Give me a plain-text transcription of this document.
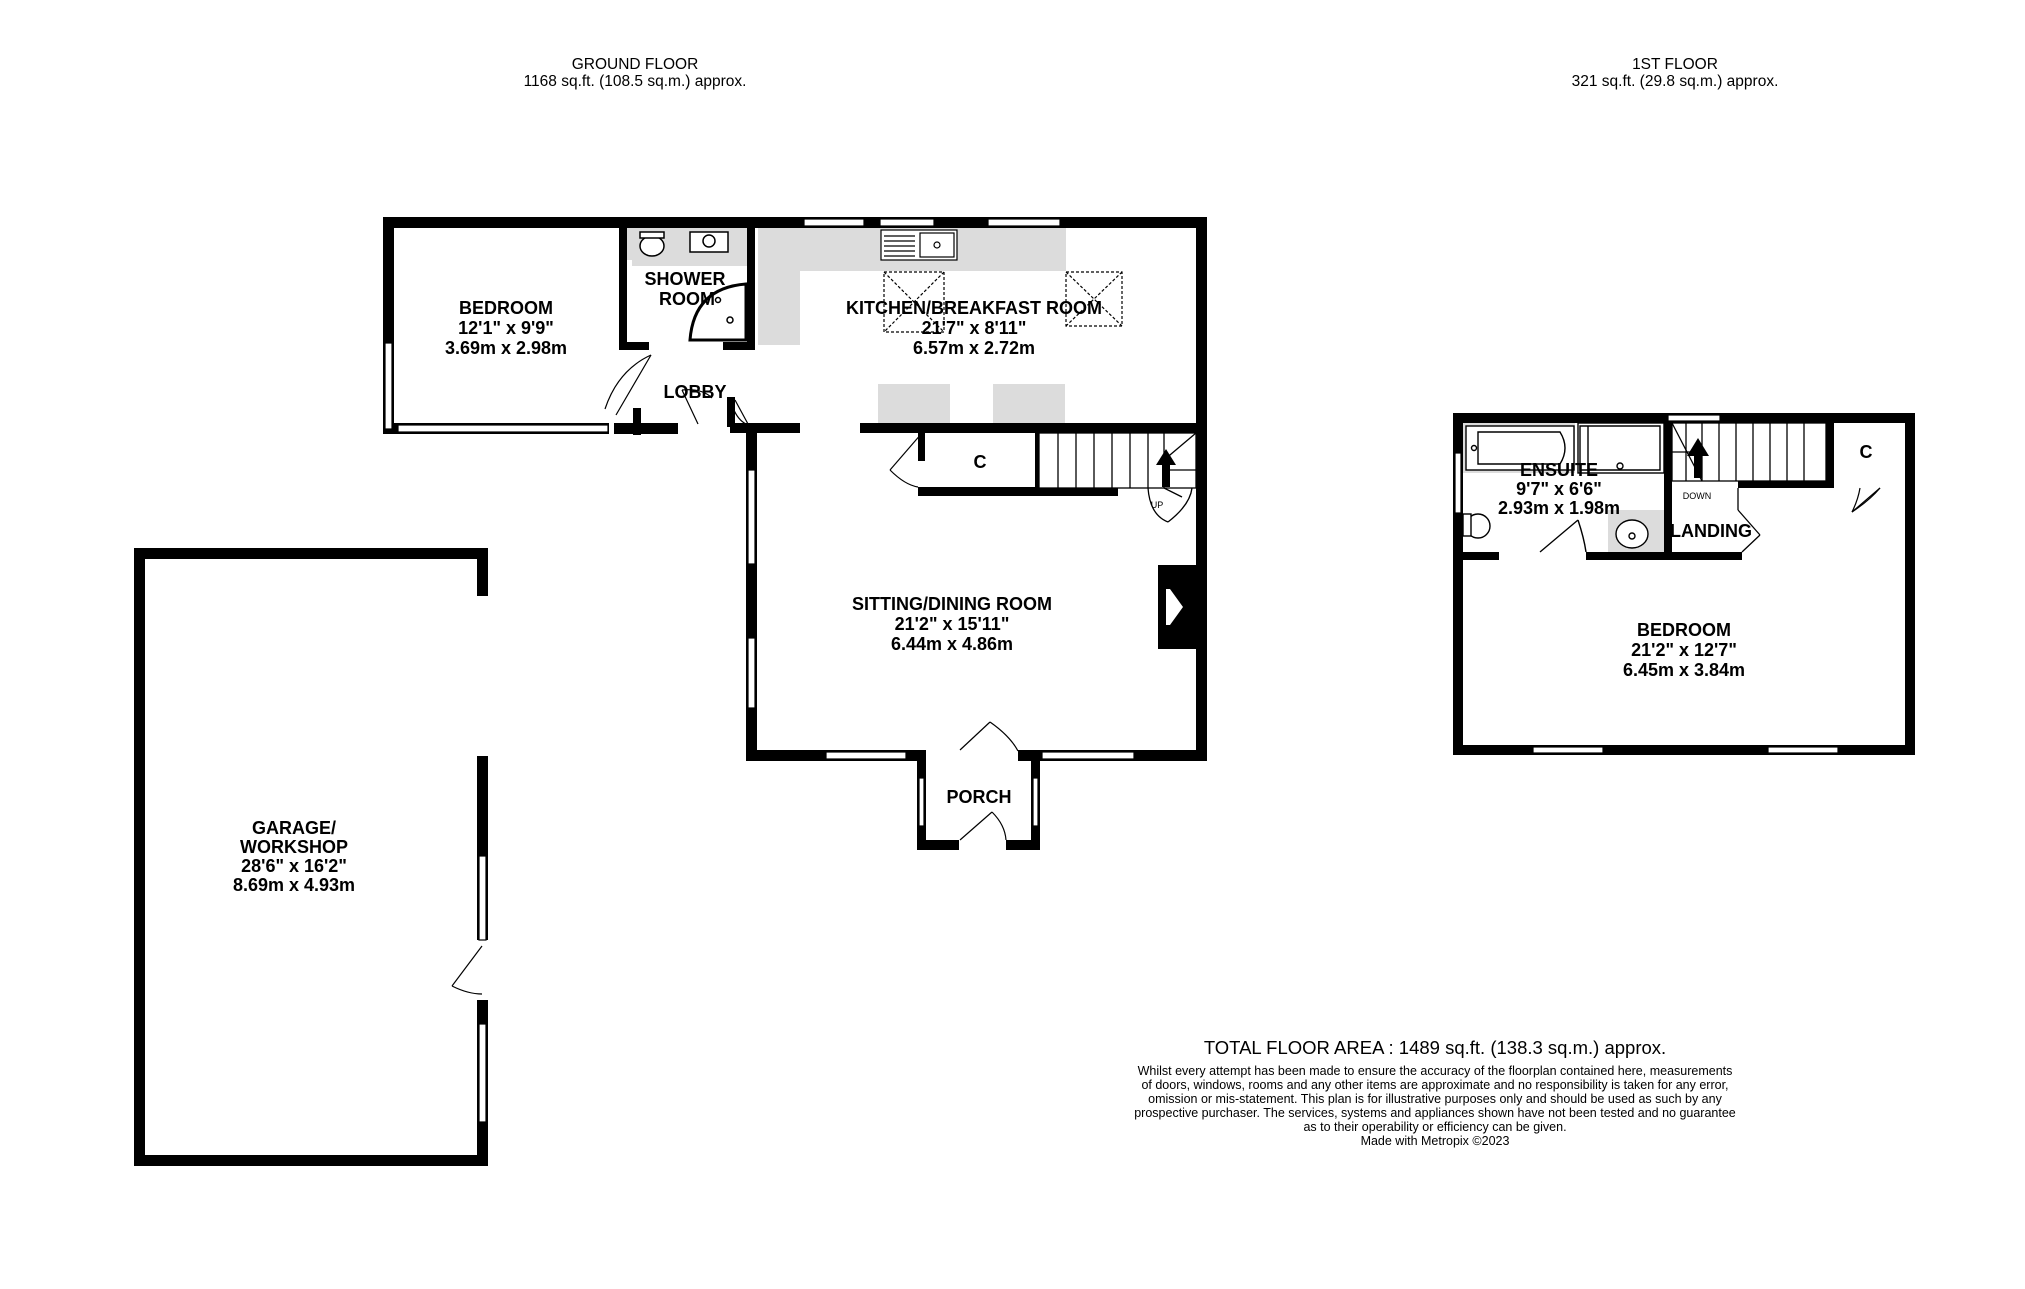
GROUND FLOOR
1168 sq.ft. (108.5 sq.m.) approx.
1ST FLOOR
321 sq.ft. (29.8 sq.m.) approx.
BEDROOM
12'1" x 9'9"
3.69m x 2.98m
SHOWER
ROOM	KITCHEN/BREAKFAST ROOM
21'7" x 8'11"
6.57m x 2.72m
LOBBY
C
UP
SITTING/DINING ROOM
21'2" x 15'11"
6.44m x 4.86m
PORCH
GARAGE/
WORKSHOP
28'6" x 16'2"
8.69m x 4.93m
ENSUITE
9'7" x 6'6"
2.93m x 1.98m
LANDING
C
DOWN
BEDROOM
21'2" x 12'7"
6.45m x 3.84m
TOTAL FLOOR AREA : 1489 sq.ft. (138.3 sq.m.) approx.
Whilst every attempt has been made to ensure the accuracy of the floorplan contained here, measurements
of doors, windows, rooms and any other items are approximate and no responsibility is taken for any error,
omission or mis-statement. This plan is for illustrative purposes only and should be used as such by any
prospective purchaser. The services, systems and appliances shown have not been tested and no guarantee
as to their operability or efficiency can be given.
Made with Metropix ©2023
